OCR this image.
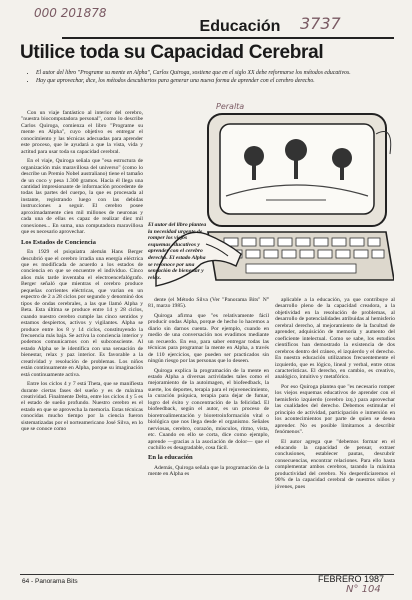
000 201878
3737
Educación
Utilice toda su Capacidad Cerebral
• El autor del libro "Programe su mente en Alpha", Carlos Quiroga, sostiene que en el siglo XX debe reformarse los métodos educativos.
• Hay que aprovechar, dice, los métodos descubiertos para generar una nueva forma de aprender con el cerebro derecho.

Con un viaje fantástico al interior del cerebro, "nuestra biocomputadora personal", como lo describe Carlos Quiroga, comienza el libro "Programe su mente en Alpha", cuyo objetivo es entregar el conocimiento y las técnicas adecuadas para aprender este proceso, que le ayudará a que la vista, vida y actitud para usar toda su capacidad cerebral.

En el viaje, Quiroga señala que "esa estructura de organización más maravillosa del universo" (como lo describe un Premio Nobel australiano) tiene el tamaño de un coco y pesa 1.300 gramos. Hacia él llega una cantidad impresionante de información procedente de todas las partes del cuerpo, la que es procesada al instante, registrando luego con las debidas instrucciones a seguir. El cerebro posee aproximadamente cien mil millones de neuronas y cada una de ellas es capaz de realizar diez mil conexiones... En suma, una computadora maravillosa que es necesario aprovechar.

Los Estados de Conciencia

En 1929 el psiquiatra alemán Hans Berger descubrió que el cerebro irradia una energía eléctrica que es modificada de acuerdo a los estados de conciencia en que se encuentre el individuo. Cinco años más tarde inventaba el electroencefalógrafo. Berger señaló que mientras el cerebro produce pequeñas corrientes eléctricas, que varían en un espectro de 2 a 28 ciclos por segundo y denominó dos tipos de ondas cerebrales, a las que llamó Alpha y Beta. Esta última se produce entre 14 y 28 ciclos, cuando nuestro cerebro cumple las cinco sentidos y estamos despiertos, activos y vigilantes. Alpha se produce entre los 8 y 14 ciclos, constituyendo la frecuencia más baja. Se activa la conciencia interior y podemos comunicarnos con el subconsciente. Al estado Alpha se le identifica con una sensación de bienestar, relax y paz interior. Es favorable a la creatividad y resolución de problemas. Los niños están continuamente en Alpha, porque su imaginación está continuamente activa.

Entre los ciclos 4 y 7 está Theta, que se manifiesta durante ciertas fases del sueño y es de máxima creatividad. Finalmente Delta, entre los ciclos 4 y 5 es el estado de sueño profundo. Nuestro cerebro es el estado en que se aprovecha la memoria. Estas técnicas conocidas mucho tiempo por la ciencia fueron sistematizadas por el norteamericano José Silva, en lo que se conoce como

Peralta
El autor del libro plantea la necesidad urgente de romper los viejos esquemas educativos y aprender con el cerebro derecho. El estado Alpha se reconoce por una sensación de bienestar y relax.

dente (el Método Silva (Ver "Panorama Bits" N° 81, marzo 1985).

Quiroga afirma que "es relativamente fácil producir ondas Alpha, porque de hecho lo hacemos a diario sin darnos cuenta. Por ejemplo, cuando en medio de una conversación nos evadimos mediante un recuerdo. En eso, para saber entregar todas las técnicas para programar la mente en Alpha, a través de 110 ejercicios, que pueden ser practicados sin ningún riesgo por las personas que lo deseen.

Quiroga explica la programación de la mente en estado Alpha a diversas actividades tales como el mejoramiento de la autoimagen, el biofeedback, la suerte, los deportes, terapia para el rejuvenecimiento, la curación psíquica, terapia para dejar de fumar, logro del éxito y concentración de la felicidad. El biofeedback, según el autor, es un proceso de bioretroalimentación y bioretroinformación vital o biológica que nos llega desde el organismo. Señales nerviosas, cerebro, corazón, músculos, ritmo, vista, etc. Cuando en ello se corta, dice como ejemplo, aprende —gracias a la asociación de dolor— que el cuchillo es desagradable, cosa fácil.

En la educación

Además, Quiroga señala que la programación de la mente en Alpha es

aplicable a la educación, ya que contribuye al desarrollo pleno de la capacidad creadora, a la objetividad en la resolución de problemas, al desarrollo de potencialidades atribuidas al hemisferio cerebral derecho, al mejoramiento de la facultad de aprender, adquisición de memoria y aumento del coeficiente intelectual. Como se sabe, los estudios científicos han demostrado la existencia de dos cerebros dentro del cráneo, el izquierdo y el derecho. En nuestra educación utilizamos frecuentemente el izquierdo, que es lógico, lineal y verbal, entre otras características. El derecho, en cambio, es creativo, analógico, intuitivo y metafórico.

Por eso Quiroga plantea que "es necesario romper los viejos esquemas educativos de aprender con el hemisferio izquierdo (cerebro izq.) para aprovechar las cualidades del derecho. Debemos estimular el principio de actividad, participación e inmersión en los acontecimientos por parte de quien se desea aprender. No es posible limitarnos a describir fenómenos".

El autor agrega que "debemos formar en el educando la capacidad de pensar, extraer conclusiones, establecer pautas, descubrir consecuencias, encontrar relaciones. Para ello hasta complementar ambos cerebros, tarando la máxima productividad del cerebro. No desperdiciaremos el 90% de la capacidad cerebral de nuestros niños y jóvenes, pues

64 - Panorama Bits	FEBRERO 1987
N° 104
